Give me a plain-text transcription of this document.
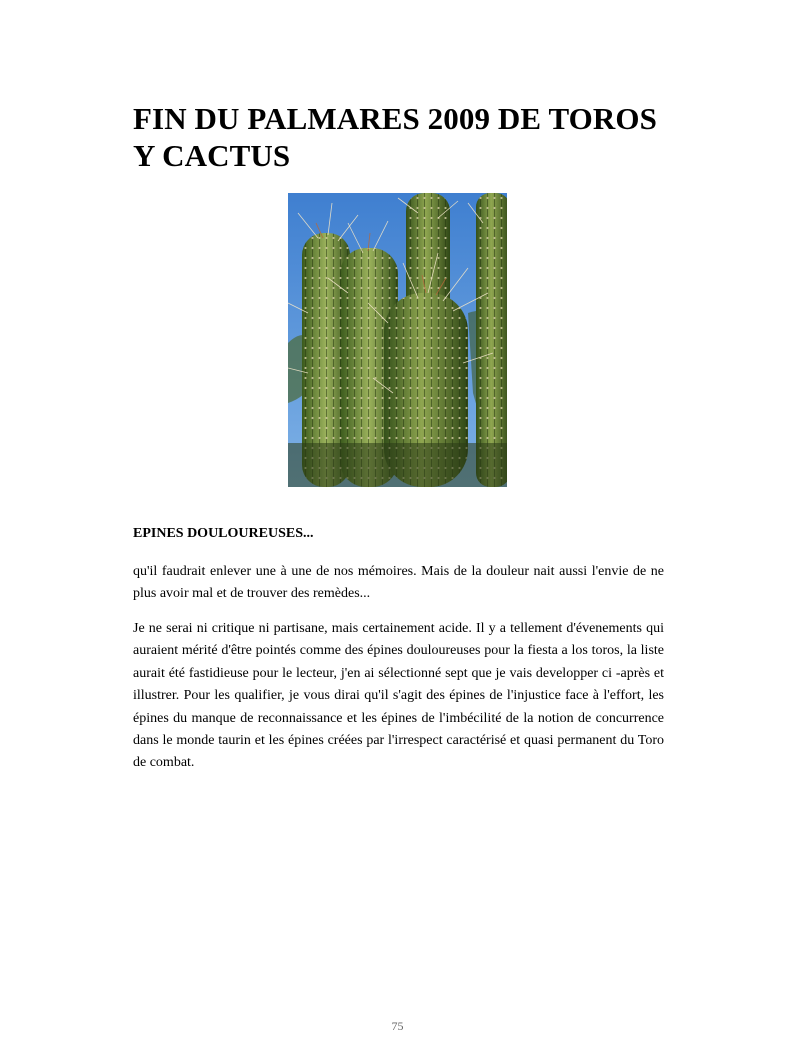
FIN DU PALMARES 2009 DE TOROS Y CACTUS

EPINES DOULOUREUSES...

qu'il faudrait enlever une à une de nos mémoires. Mais de la douleur nait aussi l'envie de ne plus avoir mal et de trouver des remèdes...

Je ne serai ni critique ni partisane, mais certainement acide. Il y a tellement d'évenements qui auraient mérité d'être pointés comme des épines douloureuses pour la fiesta a los toros, la liste aurait été fastidieuse pour le lecteur, j'en ai sélectionné sept que je vais developper ci -après et illustrer. Pour les qualifier, je vous dirai qu'il s'agit des épines de l'injustice face à l'effort, les épines du manque de reconnaissance et les épines de l'imbécilité de la notion de concurrence dans le monde taurin et les épines créées par l'irrespect caractérisé et quasi permanent du Toro de combat.

75
